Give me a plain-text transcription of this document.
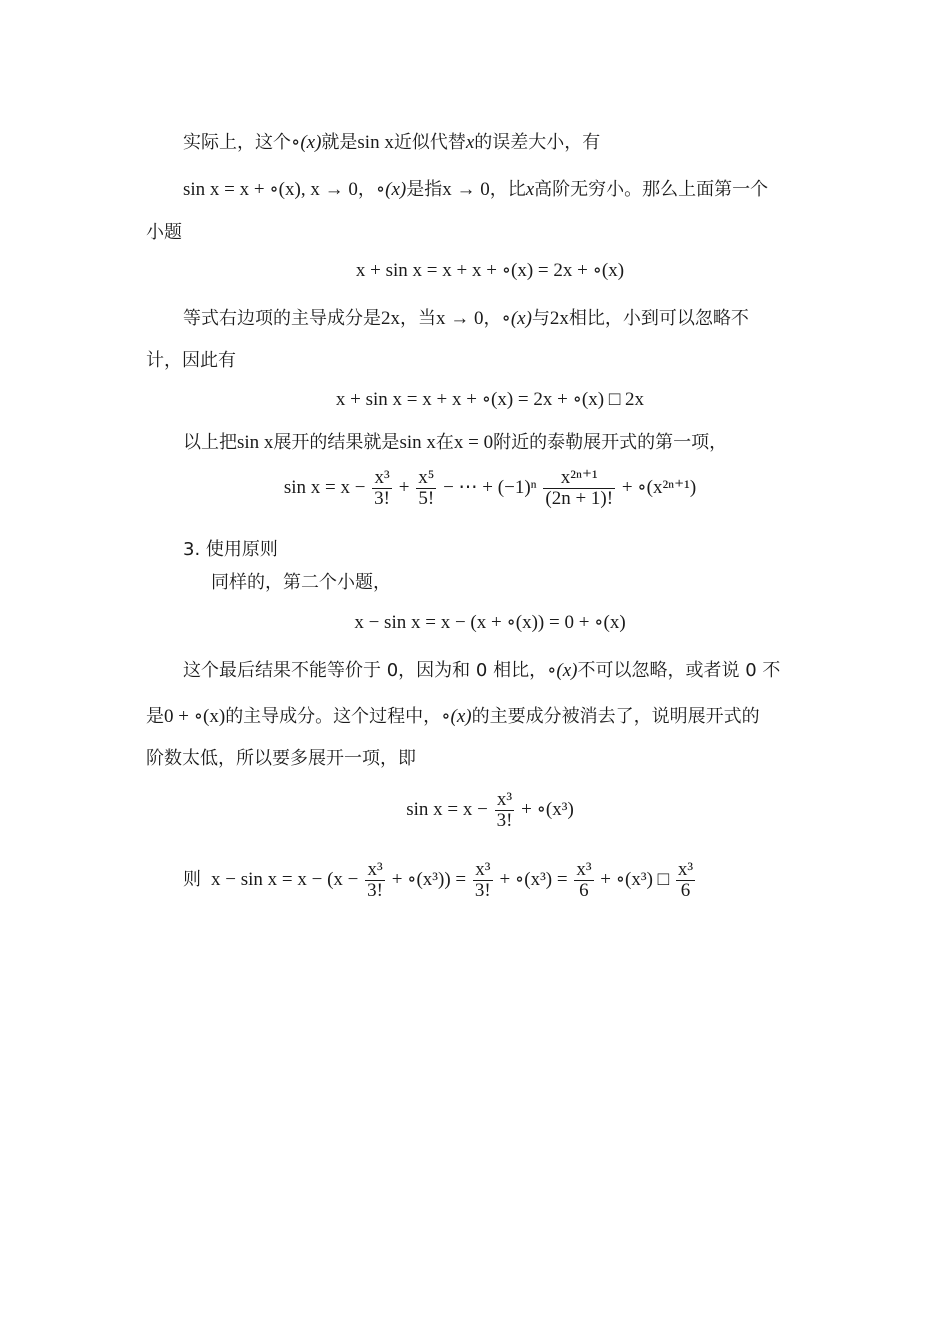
实际上，这个∘(x)就是sin x近似代替x的误差大小，有
sin x = x + ∘(x), x → 0，∘(x)是指x → 0，比x高阶无穷小。那么上面第一个
小题
x + sin x = x + x + ∘(x) = 2x + ∘(x)
等式右边项的主导成分是2x，当x → 0，∘(x)与2x相比，小到可以忽略不
计，因此有
x + sin x = x + x + ∘(x) = 2x + ∘(x) □ 2x
以上把sin x展开的结果就是sin x在x = 0附近的泰勒展开式的第一项，
$\sin x = x - \frac{\text{x³}}{3!} + \frac{\text{x⁵}}{5!}$ − ⋯ + $(-1)^n \frac{\text{x²ⁿ⁺¹}}{(2n + 1)!}$ + ∘(x²ⁿ⁺¹)
3. 使用原则
同样的，第二个小题，
x − sin x = x − (x + ∘(x)) = 0 + ∘(x)
这个最后结果不能等价于 0，因为和 0 相比，∘(x)不可以忽略，或者说 0 不
是0 + ∘(x)的主导成分。这个过程中，∘(x)的主要成分被消去了，说明展开式的
阶数太低，所以要多展开一项，即
$\sin x = x - \frac{\text{x³}}{3!}$ + ∘(x³)
则 $x - \sin x = x - (x - \frac{\text{x³}}{3!}$ + ∘(x³)) = $\frac{\text{x³}}{3!}$ + ∘(x³) = $\frac{\text{x³}}{6}$ + ∘(x³) □ $\frac{\text{x³}}{6}$
